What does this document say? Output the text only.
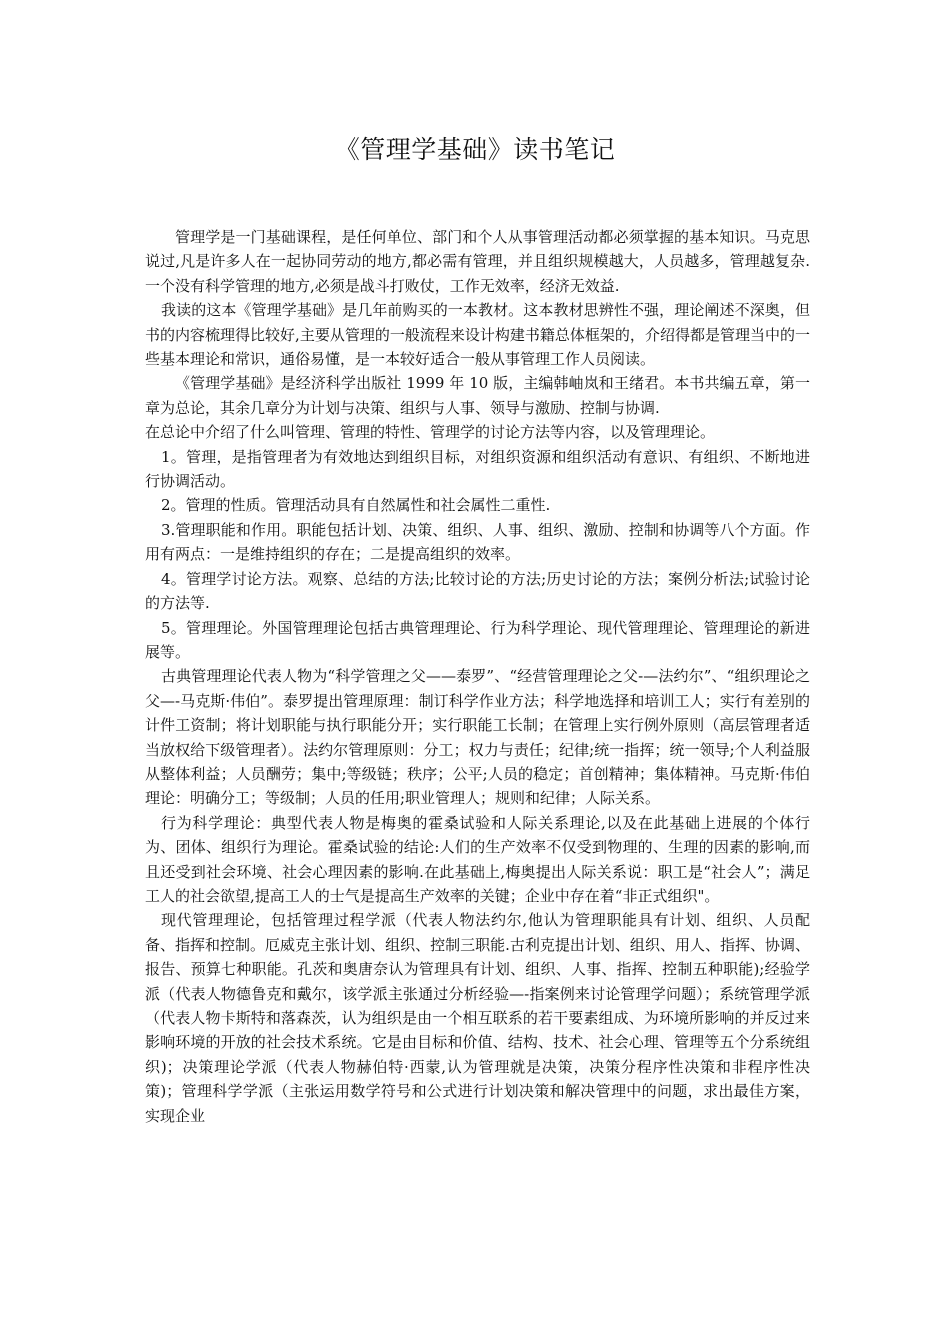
《管理学基础》读书笔记

管理学是一门基础课程，是任何单位、部门和个人从事管理活动都必须掌握的基本知识。马克思说过,凡是许多人在一起协同劳动的地方,都必需有管理，并且组织规模越大，人员越多，管理越复杂.一个没有科学管理的地方,必须是战斗打败仗，工作无效率，经济无效益.

我读的这本《管理学基础》是几年前购买的一本教材。这本教材思辨性不强，理论阐述不深奥，但书的内容梳理得比较好,主要从管理的一般流程来设计构建书籍总体框架的，介绍得都是管理当中的一些基本理论和常识，通俗易懂，是一本较好适合一般从事管理工作人员阅读。

《管理学基础》是经济科学出版社 1999 年 10 版，主编韩岫岚和王绪君。本书共编五章，第一章为总论，其余几章分为计划与决策、组织与人事、领导与激励、控制与协调.

在总论中介绍了什么叫管理、管理的特性、管理学的讨论方法等内容，以及管理理论。

1。管理，是指管理者为有效地达到组织目标，对组织资源和组织活动有意识、有组织、不断地进行协调活动。

2。管理的性质。管理活动具有自然属性和社会属性二重性.

3.管理职能和作用。职能包括计划、决策、组织、人事、组织、激励、控制和协调等八个方面。作用有两点：一是维持组织的存在；二是提高组织的效率。

4。管理学讨论方法。观察、总结的方法;比较讨论的方法;历史讨论的方法；案例分析法;试验讨论的方法等.

5。管理理论。外国管理理论包括古典管理理论、行为科学理论、现代管理理论、管理理论的新进展等。

古典管理理论代表人物为“科学管理之父——泰罗”、“经营管理理论之父-—法约尔”、“组织理论之父—-马克斯·伟伯”。泰罗提出管理原理：制订科学作业方法；科学地选择和培训工人；实行有差别的计件工资制；将计划职能与执行职能分开；实行职能工长制；在管理上实行例外原则（高层管理者适当放权给下级管理者）。法约尔管理原则：分工；权力与责任；纪律;统一指挥；统一领导;个人利益服从整体利益；人员酬劳；集中;等级链；秩序；公平;人员的稳定；首创精神；集体精神。马克斯·伟伯理论：明确分工；等级制；人员的任用;职业管理人；规则和纪律；人际关系。

行为科学理论：典型代表人物是梅奥的霍桑试验和人际关系理论,以及在此基础上进展的个体行为、团体、组织行为理论。霍桑试验的结论:人们的生产效率不仅受到物理的、生理的因素的影响,而且还受到社会环境、社会心理因素的影响.在此基础上,梅奥提出人际关系说：职工是“社会人”；满足工人的社会欲望,提高工人的士气是提高生产效率的关键；企业中存在着“非正式组织"。

现代管理理论，包括管理过程学派（代表人物法约尔,他认为管理职能具有计划、组织、人员配备、指挥和控制。厄威克主张计划、组织、控制三职能.古利克提出计划、组织、用人、指挥、协调、报告、预算七种职能。孔茨和奥唐奈认为管理具有计划、组织、人事、指挥、控制五种职能);经验学派（代表人物德鲁克和戴尔，该学派主张通过分析经验—-指案例来讨论管理学问题）；系统管理学派（代表人物卡斯特和落森茨，认为组织是由一个相互联系的若干要素组成、为环境所影响的并反过来影响环境的开放的社会技术系统。它是由目标和价值、结构、技术、社会心理、管理等五个分系统组织)；决策理论学派（代表人物赫伯特·西蒙,认为管理就是决策，决策分程序性决策和非程序性决策)；管理科学学派（主张运用数学符号和公式进行计划决策和解决管理中的问题，求出最佳方案，实现企业
